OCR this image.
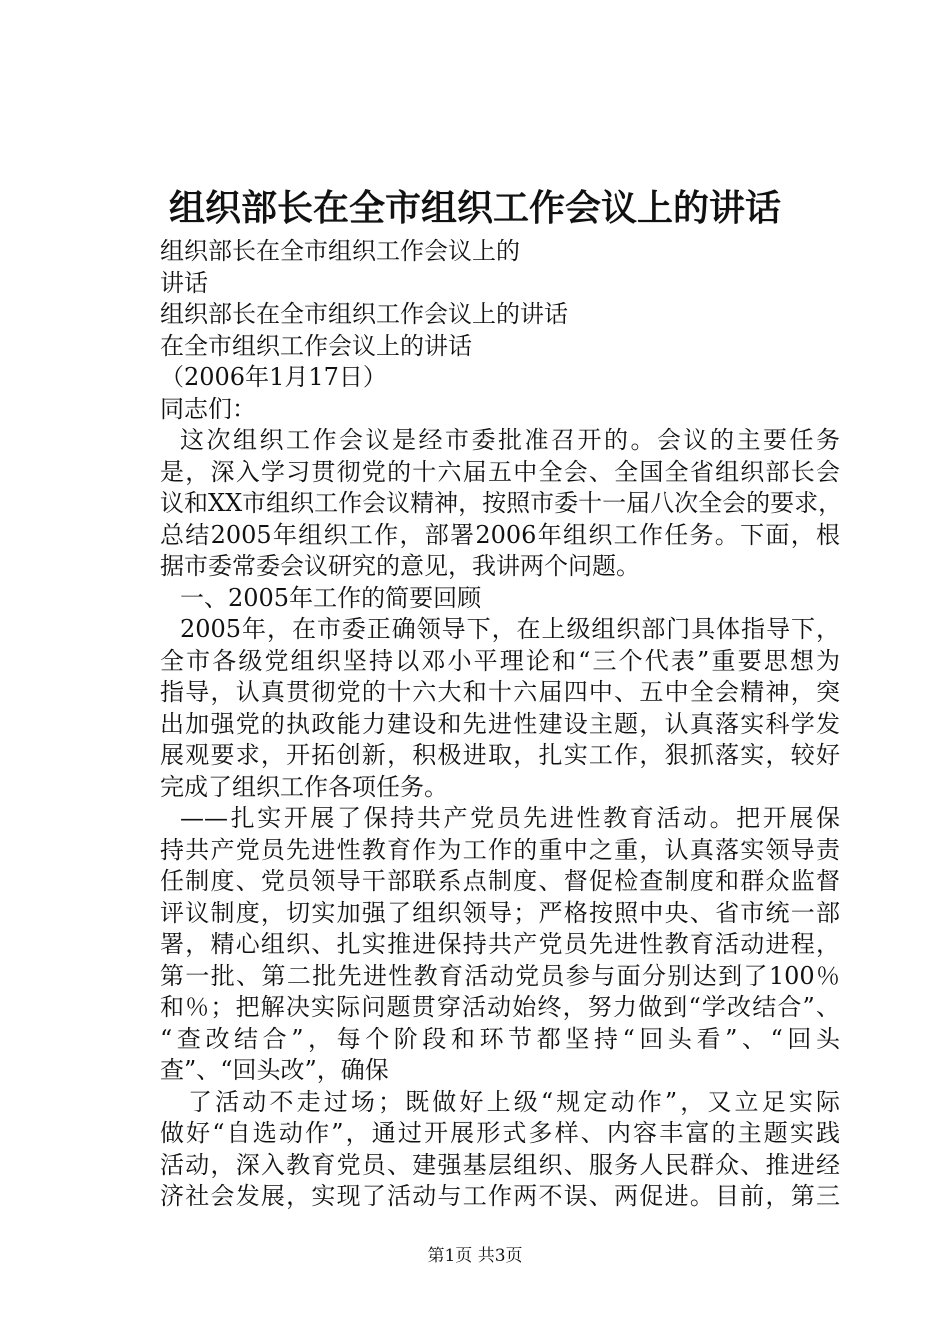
组织部长在全市组织工作会议上的讲话
组织部长在全市组织工作会议上的
讲话
组织部长在全市组织工作会议上的讲话
在全市组织工作会议上的讲话
（2006年1月17日）
同志们：
这次组织工作会议是经市委批准召开的。会议的主要任务
是，深入学习贯彻党的十六届五中全会、全国全省组织部长会
议和XX市组织工作会议精神，按照市委十一届八次全会的要求，
总结2005年组织工作，部署2006年组织工作任务。下面，根
据市委常委会议研究的意见，我讲两个问题。
一、2005年工作的简要回顾
2005年，在市委正确领导下，在上级组织部门具体指导下，
全市各级党组织坚持以邓小平理论和“三个代表”重要思想为
指导，认真贯彻党的十六大和十六届四中、五中全会精神，突
出加强党的执政能力建设和先进性建设主题，认真落实科学发
展观要求，开拓创新，积极进取，扎实工作，狠抓落实，较好
完成了组织工作各项任务。
——扎实开展了保持共产党员先进性教育活动。把开展保
持共产党员先进性教育作为工作的重中之重，认真落实领导责
任制度、党员领导干部联系点制度、督促检查制度和群众监督
评议制度，切实加强了组织领导；严格按照中央、省市统一部
署，精心组织、扎实推进保持共产党员先进性教育活动进程，
第一批、第二批先进性教育活动党员参与面分别达到了100％
和％；把解决实际问题贯穿活动始终，努力做到“学改结合”、
“查改结合”，每个阶段和环节都坚持“回头看”、“回头
查”、“回头改”，确保
了活动不走过场；既做好上级“规定动作”，又立足实际
做好“自选动作”，通过开展形式多样、内容丰富的主题实践
活动，深入教育党员、建强基层组织、服务人民群众、推进经
济社会发展，实现了活动与工作两不误、两促进。目前，第三
第1页 共3页
